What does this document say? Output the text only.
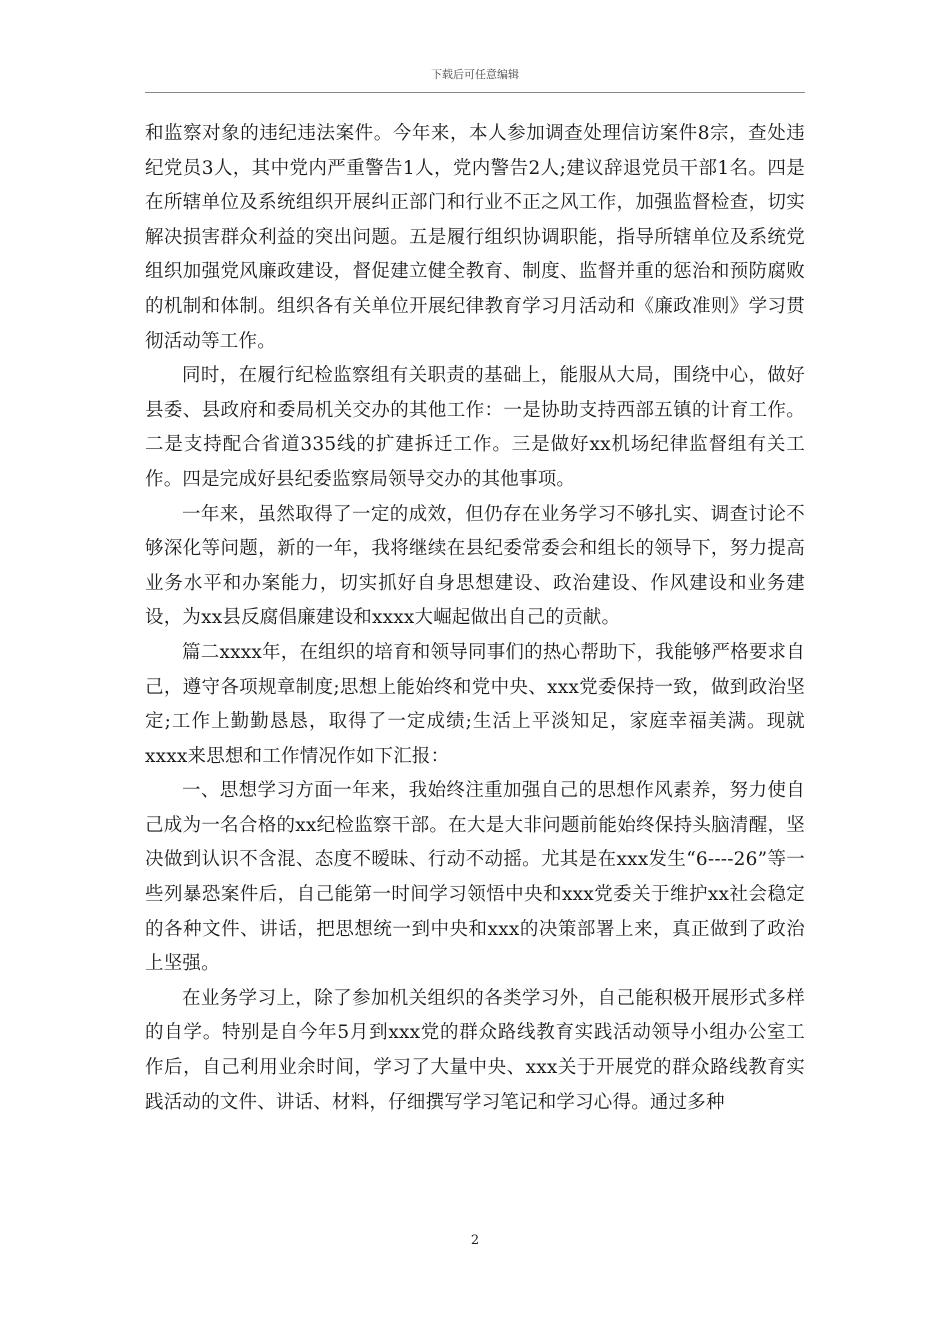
下载后可任意编辑

和监察对象的违纪违法案件。今年来，本人参加调查处理信访案件8宗，查处违纪党员3人，其中党内严重警告1人，党内警告2人;建议辞退党员干部1名。四是在所辖单位及系统组织开展纠正部门和行业不正之风工作，加强监督检查，切实解决损害群众利益的突出问题。五是履行组织协调职能，指导所辖单位及系统党组织加强党风廉政建设，督促建立健全教育、制度、监督并重的惩治和预防腐败的机制和体制。组织各有关单位开展纪律教育学习月活动和《廉政准则》学习贯彻活动等工作。

同时，在履行纪检监察组有关职责的基础上，能服从大局，围绕中心，做好县委、县政府和委局机关交办的其他工作：一是协助支持西部五镇的计育工作。二是支持配合省道335线的扩建拆迁工作。三是做好xx机场纪律监督组有关工作。四是完成好县纪委监察局领导交办的其他事项。

一年来，虽然取得了一定的成效，但仍存在业务学习不够扎实、调查讨论不够深化等问题，新的一年，我将继续在县纪委常委会和组长的领导下，努力提高业务水平和办案能力，切实抓好自身思想建设、政治建设、作风建设和业务建设，为xx县反腐倡廉建设和xxxx大崛起做出自己的贡献。

篇二xxxx年，在组织的培育和领导同事们的热心帮助下，我能够严格要求自己，遵守各项规章制度;思想上能始终和党中央、xxx党委保持一致，做到政治坚定;工作上勤勤恳恳，取得了一定成绩;生活上平淡知足，家庭幸福美满。现就xxxx来思想和工作情况作如下汇报：

一、思想学习方面一年来，我始终注重加强自己的思想作风素养，努力使自己成为一名合格的xx纪检监察干部。在大是大非问题前能始终保持头脑清醒，坚决做到认识不含混、态度不暧昧、行动不动摇。尤其是在xxx发生“6----26”等一些列暴恐案件后，自己能第一时间学习领悟中央和xxx党委关于维护xx社会稳定的各种文件、讲话，把思想统一到中央和xxx的决策部署上来，真正做到了政治上坚强。

在业务学习上，除了参加机关组织的各类学习外，自己能积极开展形式多样的自学。特别是自今年5月到xxx党的群众路线教育实践活动领导小组办公室工作后，自己利用业余时间，学习了大量中央、xxx关于开展党的群众路线教育实践活动的文件、讲话、材料，仔细撰写学习笔记和学习心得。通过多种

2
